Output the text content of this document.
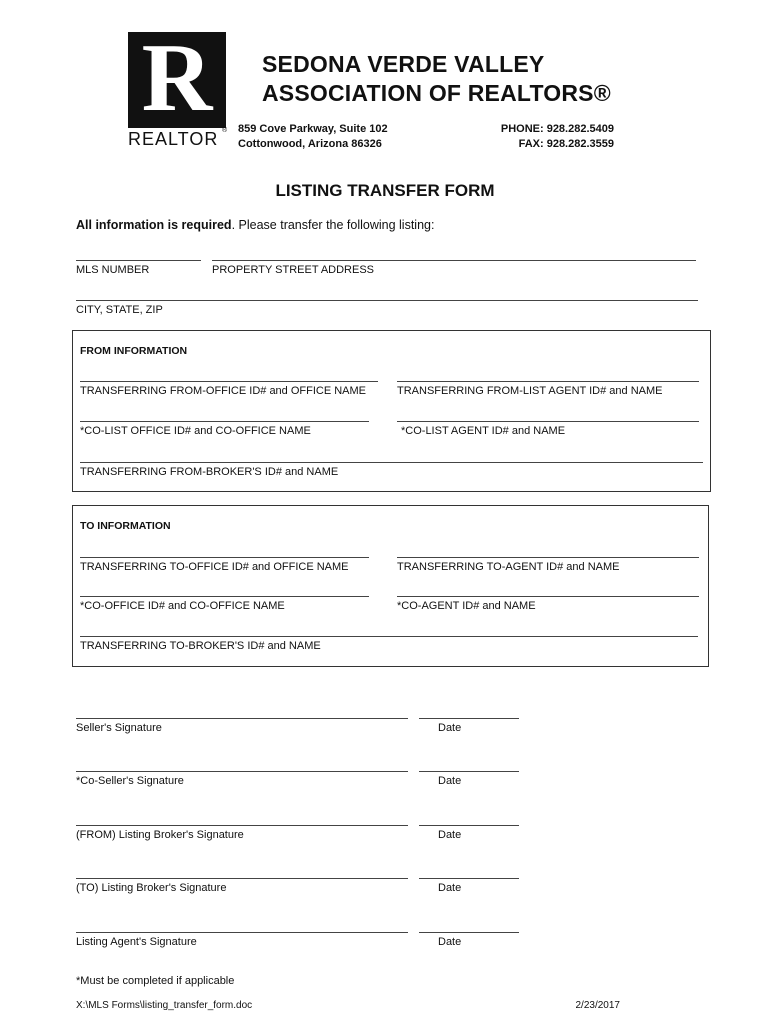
R
REALTOR ®
SEDONA VERDE VALLEY
ASSOCIATION OF REALTORS®
859 Cove Parkway, Suite 102
Cottonwood, Arizona 86326
PHONE: 928.282.5409
FAX: 928.282.3559
LISTING TRANSFER FORM
All information is required. Please transfer the following listing:
MLS NUMBER	PROPERTY STREET ADDRESS
CITY, STATE, ZIP
FROM INFORMATION
TRANSFERRING FROM-OFFICE ID# and OFFICE NAME	TRANSFERRING FROM-LIST AGENT ID# and NAME
*CO-LIST OFFICE ID# and CO-OFFICE NAME	*CO-LIST AGENT ID# and NAME
TRANSFERRING FROM-BROKER'S ID# and NAME
TO INFORMATION
TRANSFERRING TO-OFFICE ID# and OFFICE NAME	TRANSFERRING TO-AGENT ID# and NAME
*CO-OFFICE ID# and CO-OFFICE NAME	*CO-AGENT ID# and NAME
TRANSFERRING TO-BROKER'S ID# and NAME
Seller's Signature	Date
*Co-Seller's Signature	Date
(FROM) Listing Broker's Signature	Date
(TO) Listing Broker's Signature	Date
Listing Agent's Signature	Date
*Must be completed if applicable
X:\MLS Forms\listing_transfer_form.doc	2/23/2017
